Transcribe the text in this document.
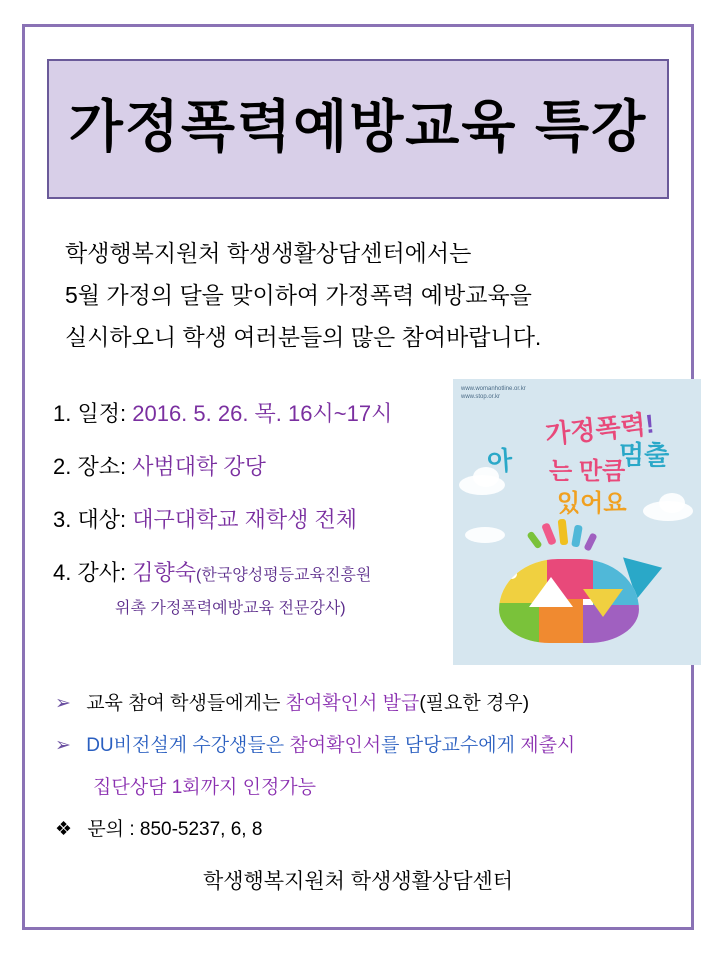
가정폭력예방교육 특강
학생행복지원처 학생생활상담센터에서는
5월 가정의 달을 맞이하여 가정폭력 예방교육을
실시하오니 학생 여러분들의 많은 참여바랍니다.
1. 일정: 2016. 5. 26. 목. 16시~17시
2. 장소: 사범대학 강당
3. 대상: 대구대학교 재학생 전체
4. 강사: 김향숙(한국양성평등교육진흥원
위촉 가정폭력예방교육 전문강사)
www.womanhotline.or.kr
www.stop.or.kr
가정폭력!
아 는 만큼
멈출
있어요
➢ 교육 참여 학생들에게는 참여확인서 발급(필요한 경우)
➢ DU비전설계 수강생들은 참여확인서를 담당교수에게 제출시
집단상담 1회까지 인정가능
❖ 문의 : 850-5237, 6, 8
학생행복지원처 학생생활상담센터
